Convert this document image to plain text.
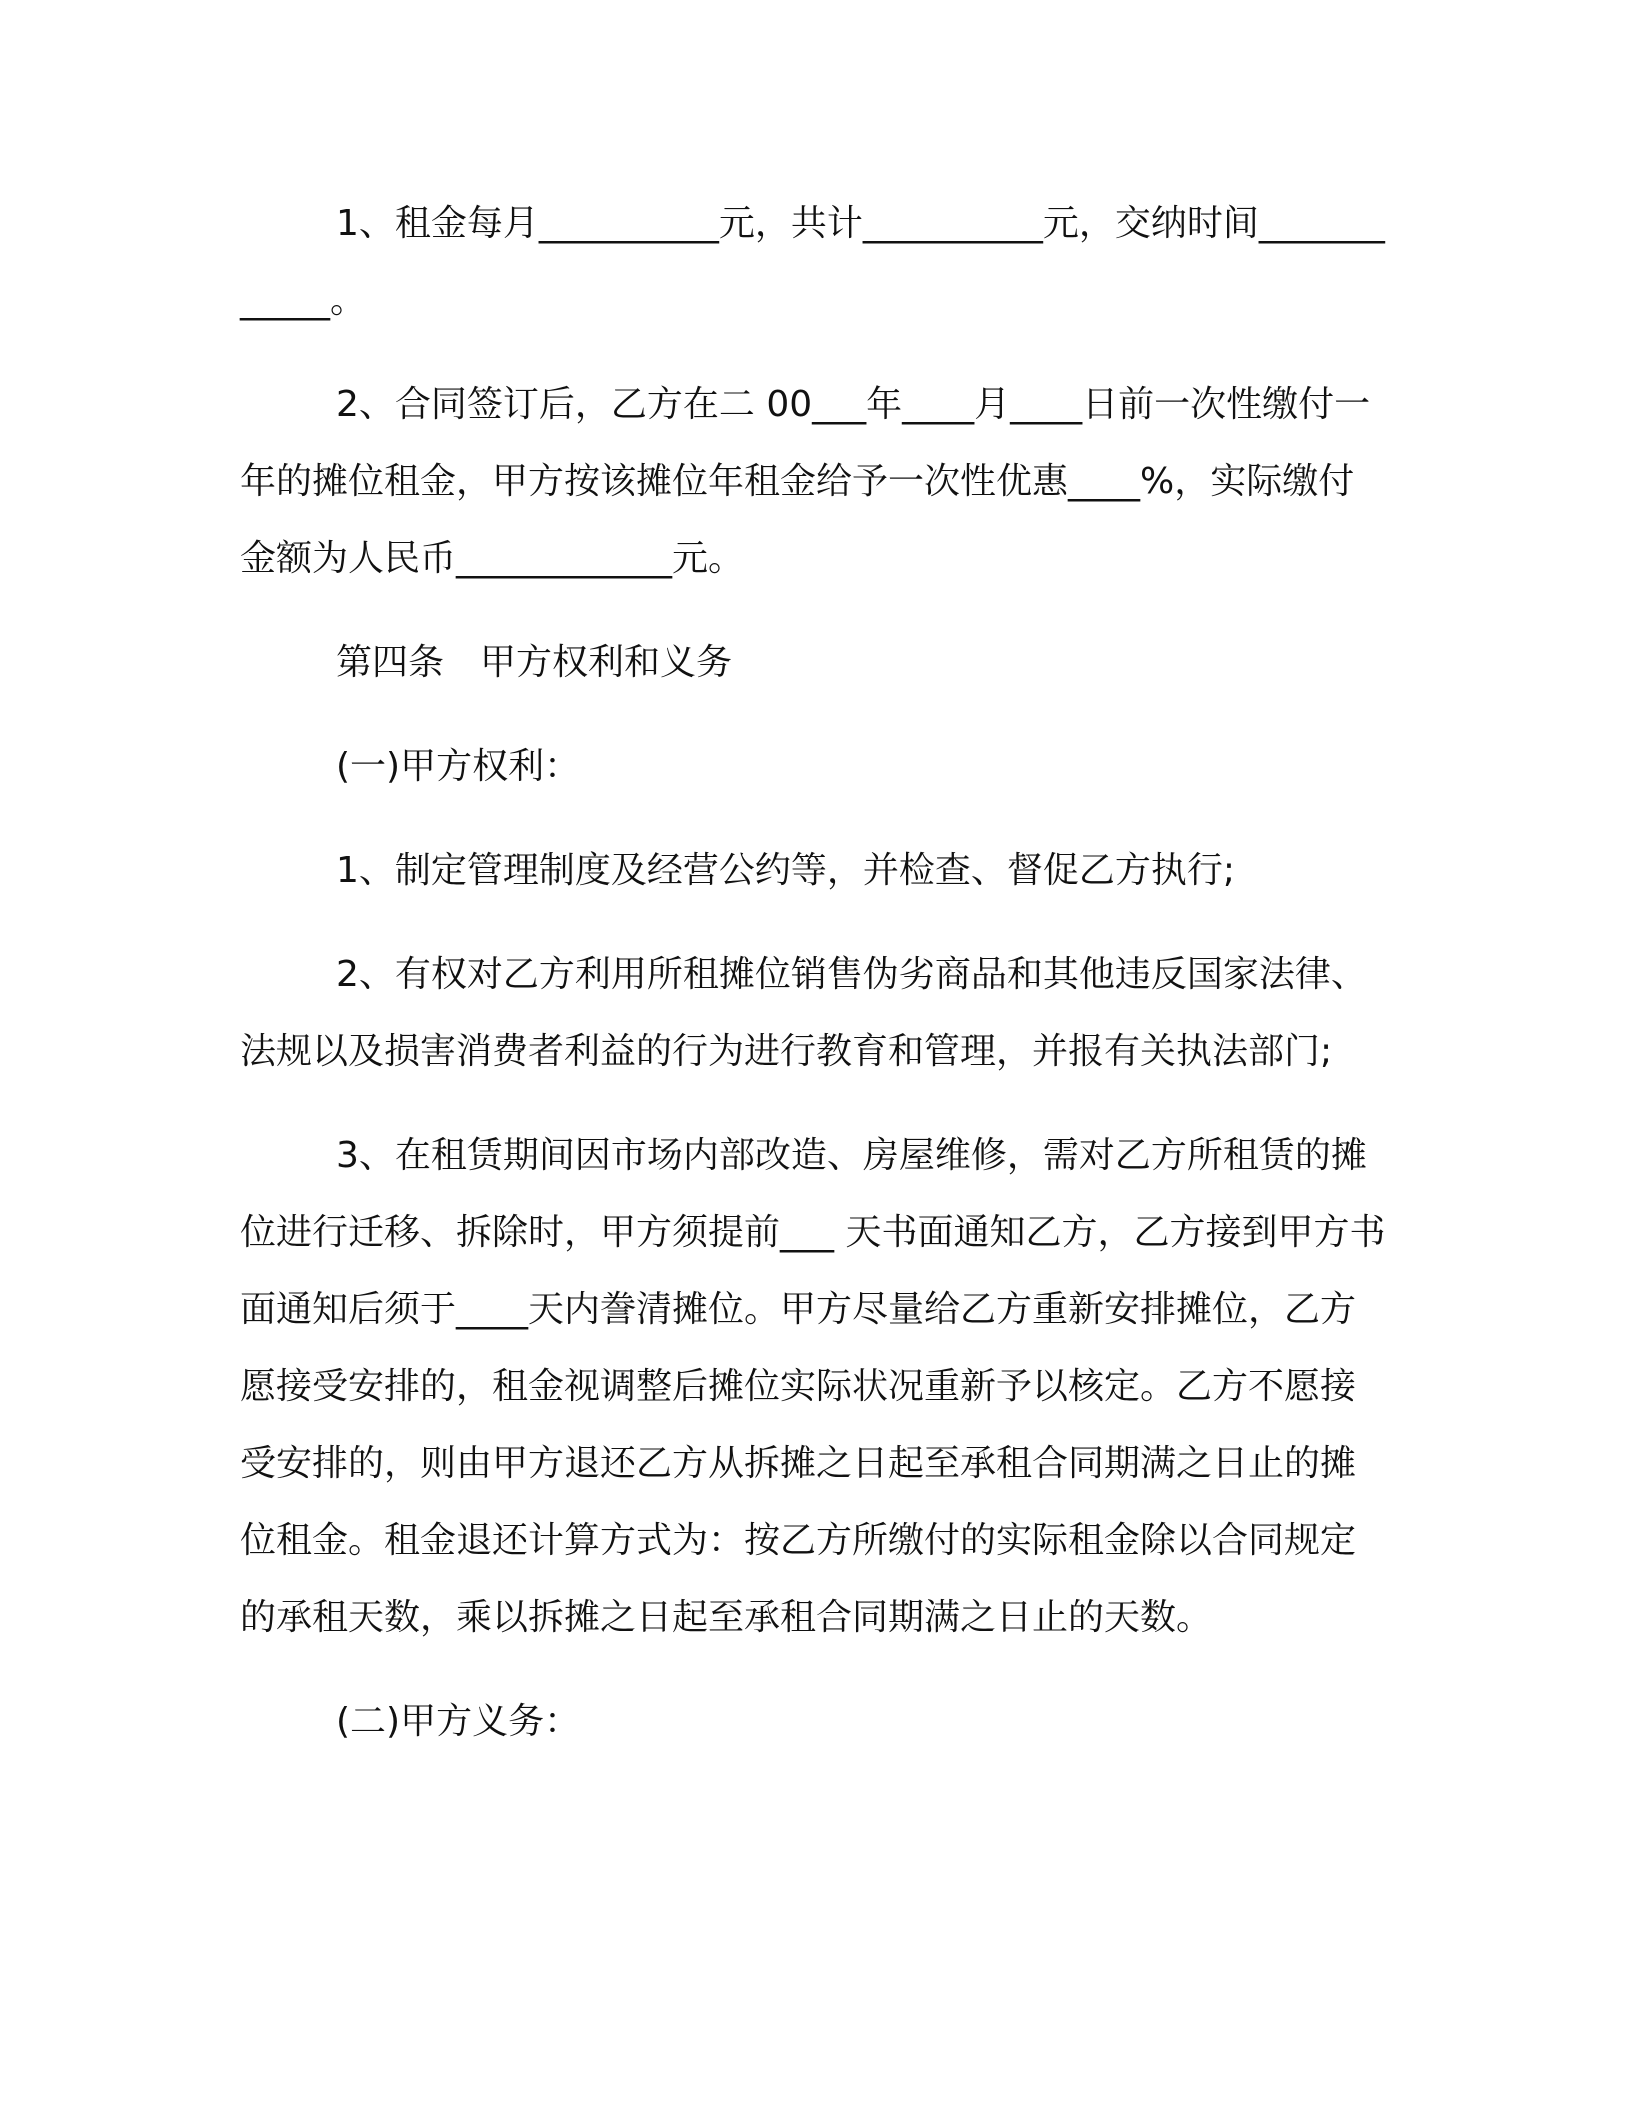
1、租金每月__________元，共计__________元，交纳时间____________。

2、合同签订后，乙方在二 00___年____月____日前一次性缴付一年的摊位租金，甲方按该摊位年租金给予一次性优惠____%，实际缴付金额为人民币____________元。

第四条　甲方权利和义务

(一)甲方权利：

1、制定管理制度及经营公约等，并检查、督促乙方执行;

2、有权对乙方利用所租摊位销售伪劣商品和其他违反国家法律、法规以及损害消费者利益的行为进行教育和管理，并报有关执法部门;

3、在租赁期间因市场内部改造、房屋维修，需对乙方所租赁的摊位进行迁移、拆除时，甲方须提前___ 天书面通知乙方，乙方接到甲方书面通知后须于____天内誊清摊位。甲方尽量给乙方重新安排摊位，乙方愿接受安排的，租金视调整后摊位实际状况重新予以核定。乙方不愿接受安排的，则由甲方退还乙方从拆摊之日起至承租合同期满之日止的摊位租金。租金退还计算方式为：按乙方所缴付的实际租金除以合同规定的承租天数，乘以拆摊之日起至承租合同期满之日止的天数。

(二)甲方义务：
